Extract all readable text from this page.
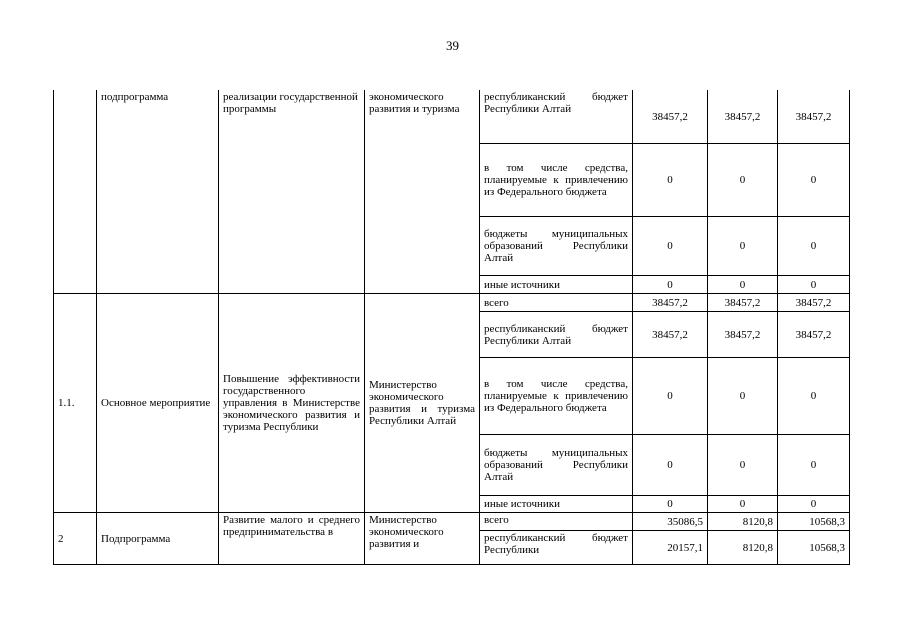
39
	подпрограмма	реализации государственной программы	экономического развития и туризма	республиканский бюджет Республики Алтай	38457,2	38457,2	38457,2
				в том числе средства, планируемые к привлечению из Федерального бюджета	0	0	0
				бюджеты муниципальных образований Республики Алтай	0	0	0
				иные источники	0	0	0
1.1.	Основное мероприятие	Повышение эффективности государственного управления в Министерстве экономического развития и туризма Республики	Министерство экономического развития и туризма Республики Алтай	всего	38457,2	38457,2	38457,2
				республиканский бюджет Республики Алтай	38457,2	38457,2	38457,2
				в том числе средства, планируемые к привлечению из Федерального бюджета	0	0	0
				бюджеты муниципальных образований Республики Алтай	0	0	0
				иные источники	0	0	0
2	Подпрограмма	Развитие малого и среднего предпринимательства в	Министерство экономического развития и	всего	35086,5	8120,8	10568,3
				республиканский бюджет Республики	20157,1	8120,8	10568,3
